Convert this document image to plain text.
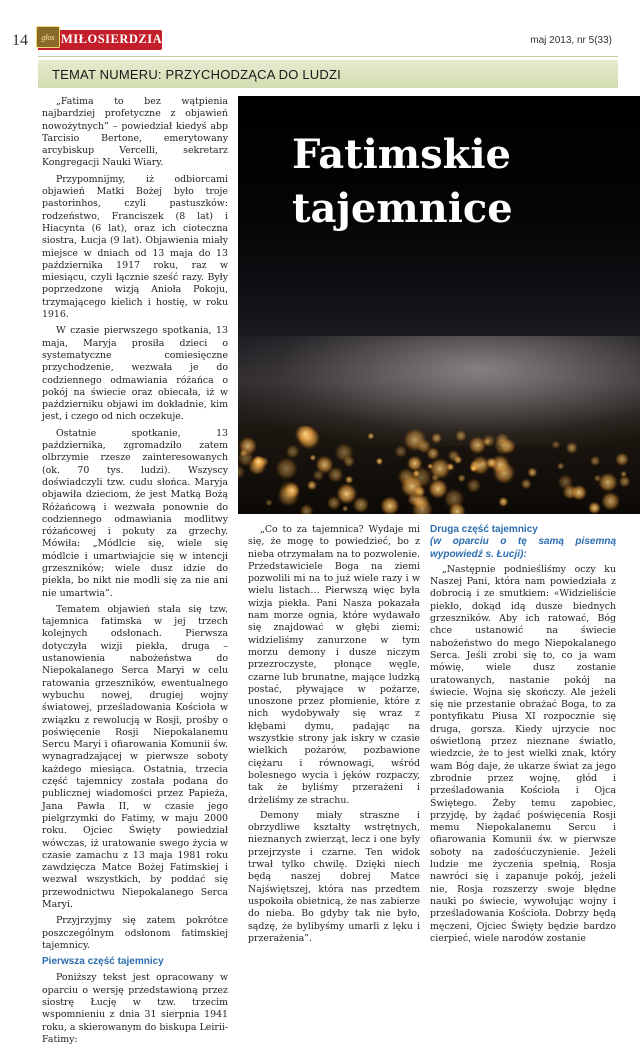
14 głos MIŁOSIERDZIA	maj 2013, nr 5(33)
TEMAT NUMERU: PRZYCHODZĄCA DO LUDZI
Fatimskie
tajemnice

„Fatima to bez wątpienia najbardziej profetyczne z objawień nowożytnych” – powiedział kiedyś abp Tarcisio Bertone, emerytowany arcybiskup Vercelli, sekretarz Kongregacji Nauki Wiary.

Przypomnijmy, iż odbiorcami objawień Matki Bożej było troje pastorinhos, czyli pastuszków: rodzeństwo, Franciszek (8 lat) i Hiacynta (6 lat), oraz ich cioteczna siostra, Łucja (9 lat). Objawienia miały miejsce w dniach od 13 maja do 13 października 1917 roku, raz w miesiącu, czyli łącznie sześć razy. Były poprzedzone wizją Anioła Pokoju, trzymającego kielich i hostię, w roku 1916.

W czasie pierwszego spotkania, 13 maja, Maryja prosiła dzieci o systematyczne comiesięczne przychodzenie, wezwała je do codziennego odmawiania różańca o pokój na świecie oraz obiecała, iż w październiku objawi im dokładnie, kim jest, i czego od nich oczekuje.

Ostatnie spotkanie, 13 października, zgromadziło zatem olbrzymie rzesze zainteresowanych (ok. 70 tys. ludzi). Wszyscy doświadczyli tzw. cudu słońca. Maryja objawiła dzieciom, że jest Matką Bożą Różańcową i wezwała ponownie do codziennego odmawiania modlitwy różańcowej i pokuty za grzechy. Mówiła: „Módlcie się, wiele się módlcie i umartwiajcie się w intencji grzeszników; wiele dusz idzie do piekła, bo nikt nie modli się za nie ani nie umartwia”.

Tematem objawień stała się tzw. tajemnica fatimska w jej trzech kolejnych odsłonach. Pierwsza dotyczyła wizji piekła, druga – ustanowienia nabożeństwa do Niepokalanego Serca Maryi w celu ratowania grzeszników, ewentualnego wybuchu nowej, drugiej wojny światowej, prześladowania Kościoła w związku z rewolucją w Rosji, prośby o poświęcenie Rosji Niepokalanemu Sercu Maryi i ofiarowania Komunii św. wynagradzającej w pierwsze soboty każdego miesiąca. Ostatnia, trzecia część tajemnicy została podana do publicznej wiadomości przez Papieża, Jana Pawła II, w czasie jego pielgrzymki do Fatimy, w maju 2000 roku. Ojciec Święty powiedział wówczas, iż uratowanie swego życia w czasie zamachu z 13 maja 1981 roku zawdzięcza Matce Bożej Fatimskiej i wezwał wszystkich, by poddać się przewodnictwu Niepokalanego Serca Maryi.

Przyjrzyjmy się zatem pokrótce poszczególnym odsłonom fatimskiej tajemnicy.

Pierwsza część tajemnicy

Poniższy tekst jest opracowany w oparciu o wersję przedstawioną przez siostrę Łucję w tzw. trzecim wspomnieniu z dnia 31 sierpnia 1941 roku, a skierowanym do biskupa Leirii-Fatimy:

„Co to za tajemnica? Wydaje mi się, że mogę to powiedzieć, bo z nieba otrzymałam na to pozwolenie. Przedstawiciele Boga na ziemi pozwolili mi na to już wiele razy i w wielu listach… Pierwszą więc była wizja piekła. Pani Nasza pokazała nam morze ognia, które wydawało się znajdować w głębi ziemi; widzieliśmy zanurzone w tym morzu demony i dusze niczym przezroczyste, płonące węgle, czarne lub brunatne, mające ludzką postać, pływające w pożarze, unoszone przez płomienie, które z nich wydobywały się wraz z kłębami dymu, padając na wszystkie strony jak iskry w czasie wielkich pożarów, pozbawione ciężaru i równowagi, wśród bolesnego wycia i jęków rozpaczy, tak że byliśmy przerażeni i drżeliśmy ze strachu.

Demony miały straszne i obrzydliwe kształty wstrętnych, nieznanych zwierząt, lecz i one były przejrzyste i czarne. Ten widok trwał tylko chwilę. Dzięki niech będą naszej dobrej Matce Najświętszej, która nas przedtem uspokoiła obietnicą, że nas zabierze do nieba. Bo gdyby tak nie było, sądzę, że bylibyśmy umarli z lęku i przerażenia”.

Druga część tajemnicy
(w oparciu o tę samą pisemną wypowiedź s. Łucji):

„Następnie podnieśliśmy oczy ku Naszej Pani, która nam powiedziała z dobrocią i ze smutkiem: «Widzieliście piekło, dokąd idą dusze biednych grzeszników. Aby ich ratować, Bóg chce ustanowić na świecie nabożeństwo do mego Niepokalanego Serca. Jeśli zrobi się to, co ja wam mówię, wiele dusz zostanie uratowanych, nastanie pokój na świecie. Wojna się skończy. Ale jeżeli się nie przestanie obrażać Boga, to za pontyfikatu Piusa XI rozpocznie się druga, gorsza. Kiedy ujrzycie noc oświetloną przez nieznane światło, wiedzcie, że to jest wielki znak, który wam Bóg daje, że ukarze świat za jego zbrodnie przez wojnę, głód i prześladowania Kościoła i Ojca Świętego. Żeby temu zapobiec, przyjdę, by żądać poświęcenia Rosji memu Niepokalanemu Sercu i ofiarowania Komunii św. w pierwsze soboty na zadośćuczynienie. Jeżeli ludzie me życzenia spełnią, Rosja nawróci się i zapanuje pokój, jeżeli nie, Rosja rozszerzy swoje błędne nauki po świecie, wywołując wojny i prześladowania Kościoła. Dobrzy będą męczeni, Ojciec Święty będzie bardzo cierpieć, wiele narodów zostanie
